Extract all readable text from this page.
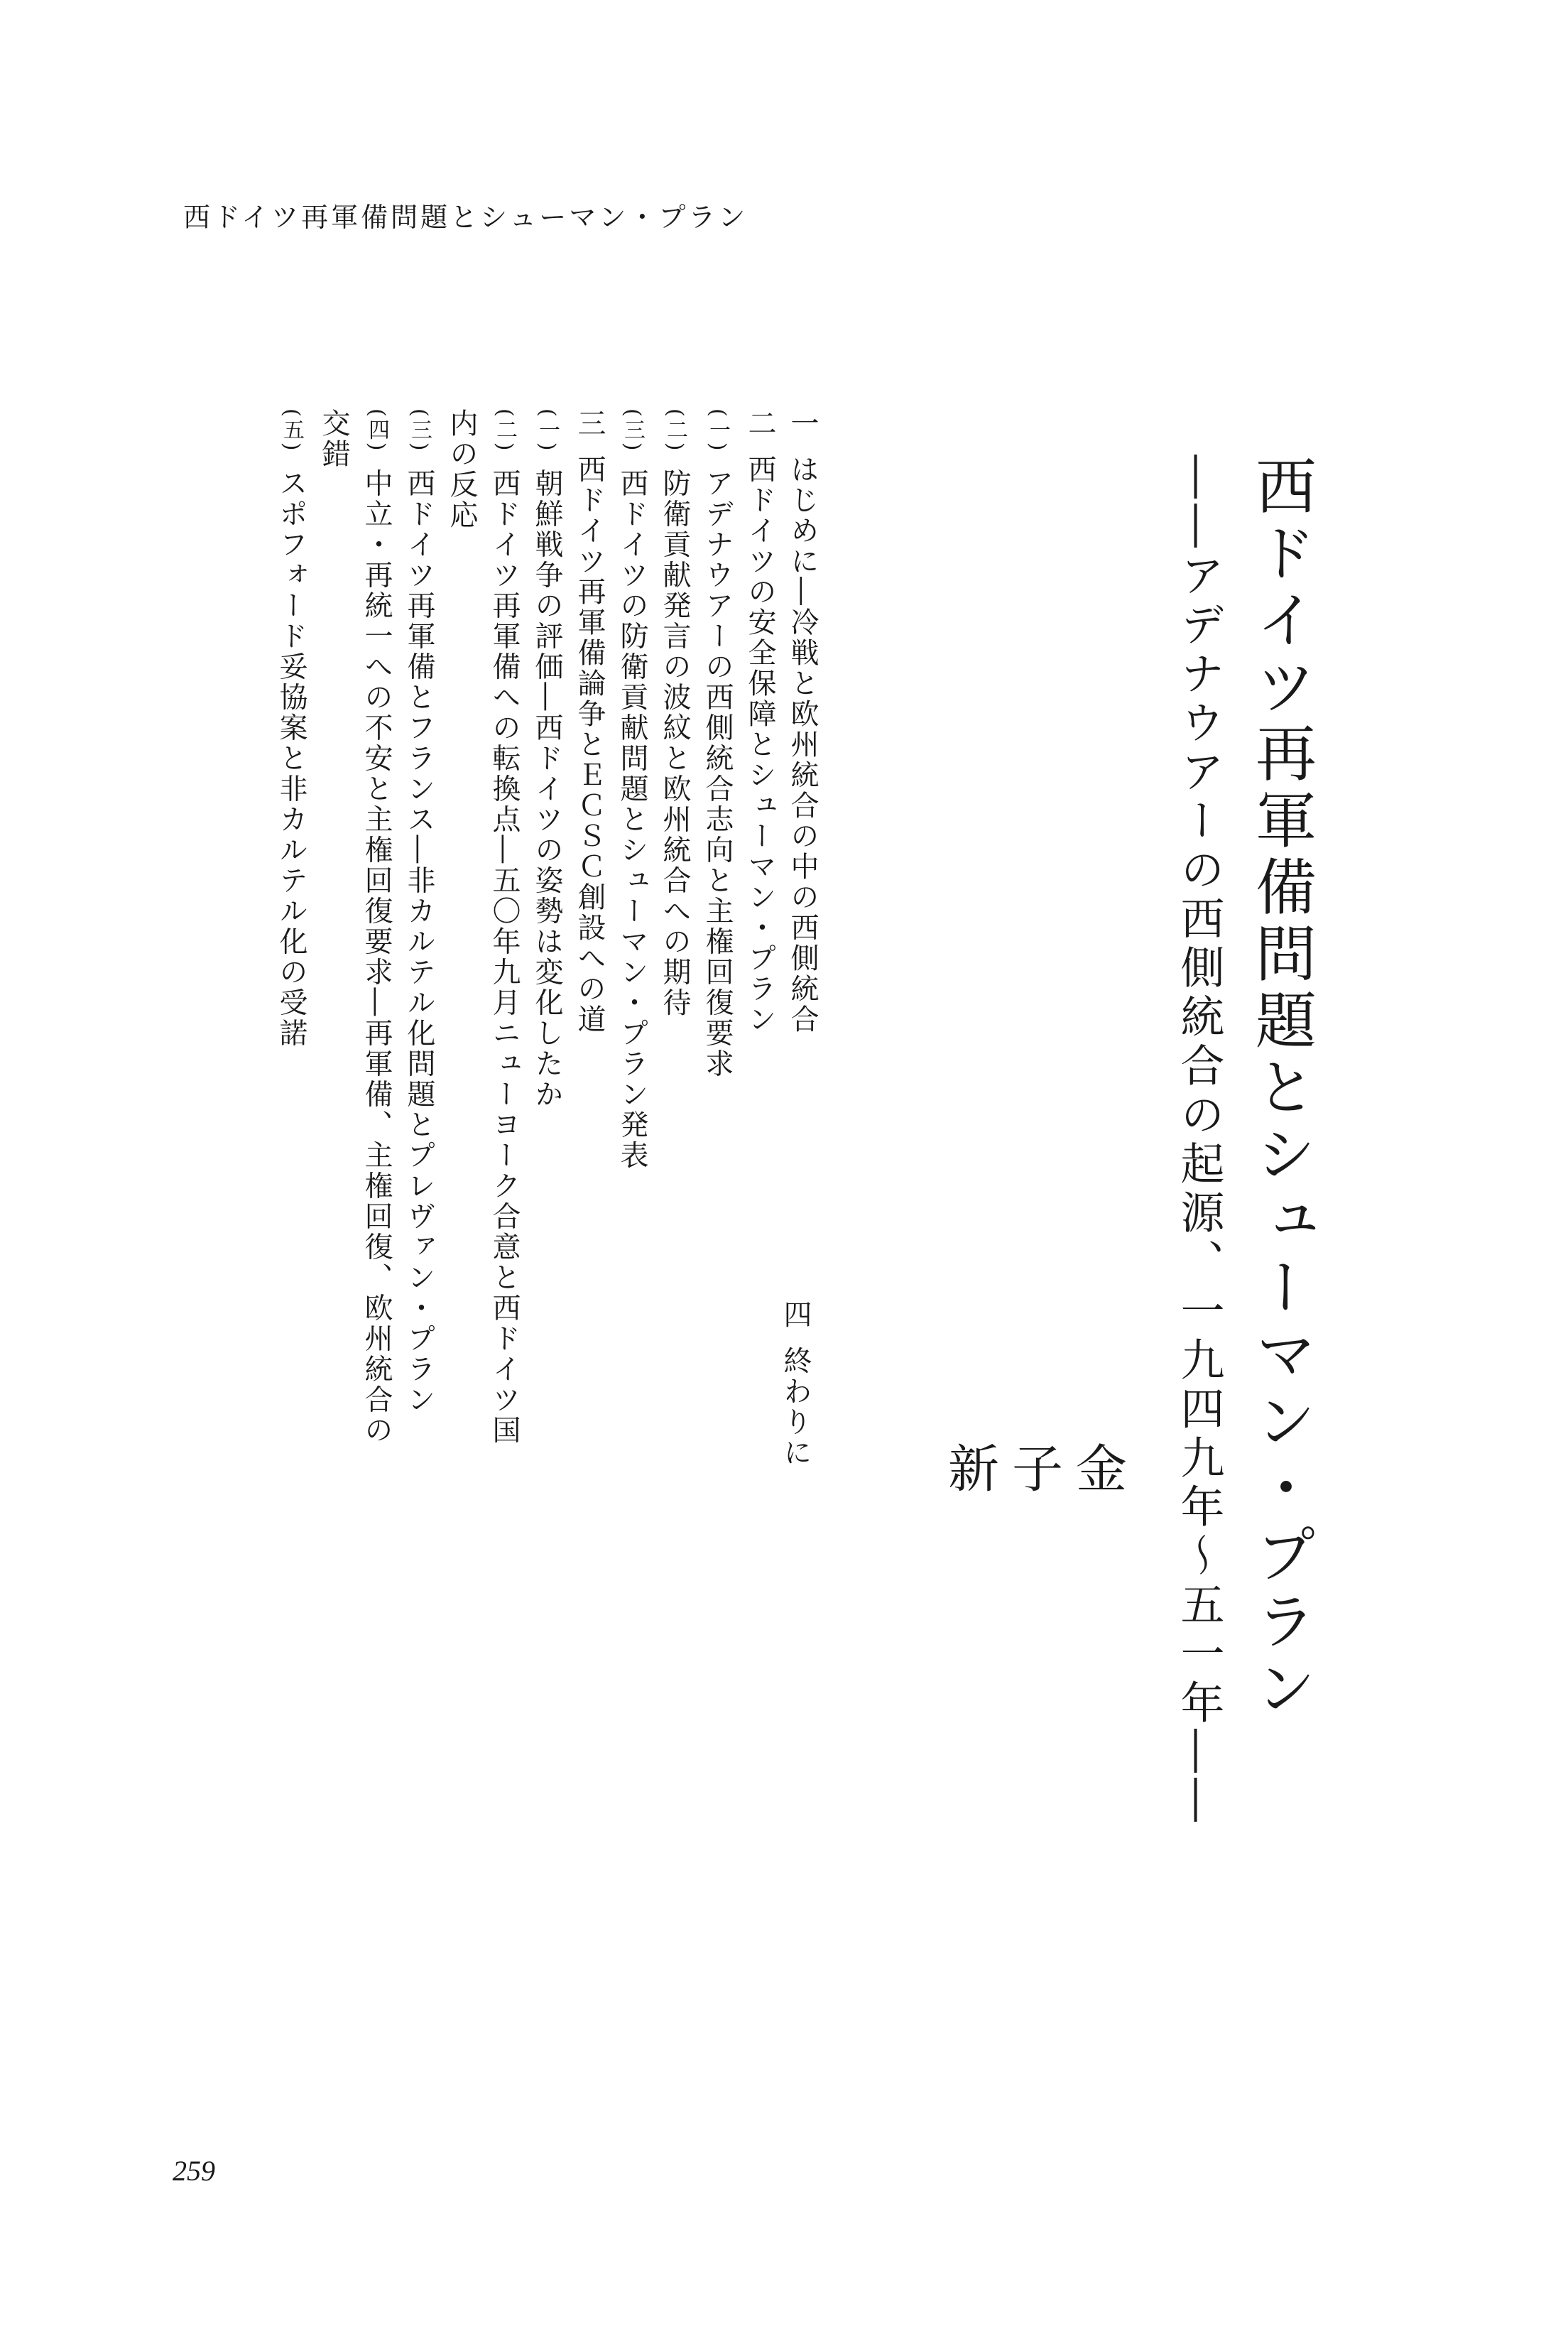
西ドイツ再軍備問題とシューマン・プラン
西ドイツ再軍備問題とシューマン・プラン
――アデナウアーの西側統合の起源、一九四九年～五一年――
金
子
新
一はじめに―冷戦と欧州統合の中の西側統合
二西ドイツの安全保障とシューマン・プラン
(一)アデナウアーの西側統合志向と主権回復要求
(二)防衛貢献発言の波紋と欧州統合への期待
(三)西ドイツの防衛貢献問題とシューマン・プラン発表
三西ドイツ再軍備論争とＥＣＳＣ創設への道
(一)朝鮮戦争の評価―西ドイツの姿勢は変化したか
(二)西ドイツ再軍備への転換点―五〇年九月ニューヨーク合意と西ドイツ国内の反応
(三)西ドイツ再軍備とフランス―非カルテル化問題とプレヴァン・プラン
(四)中立・再統一への不安と主権回復要求―再軍備、主権回復、欧州統合の交錯
(五)スポフォード妥協案と非カルテル化の受諾
四終わりに
259
